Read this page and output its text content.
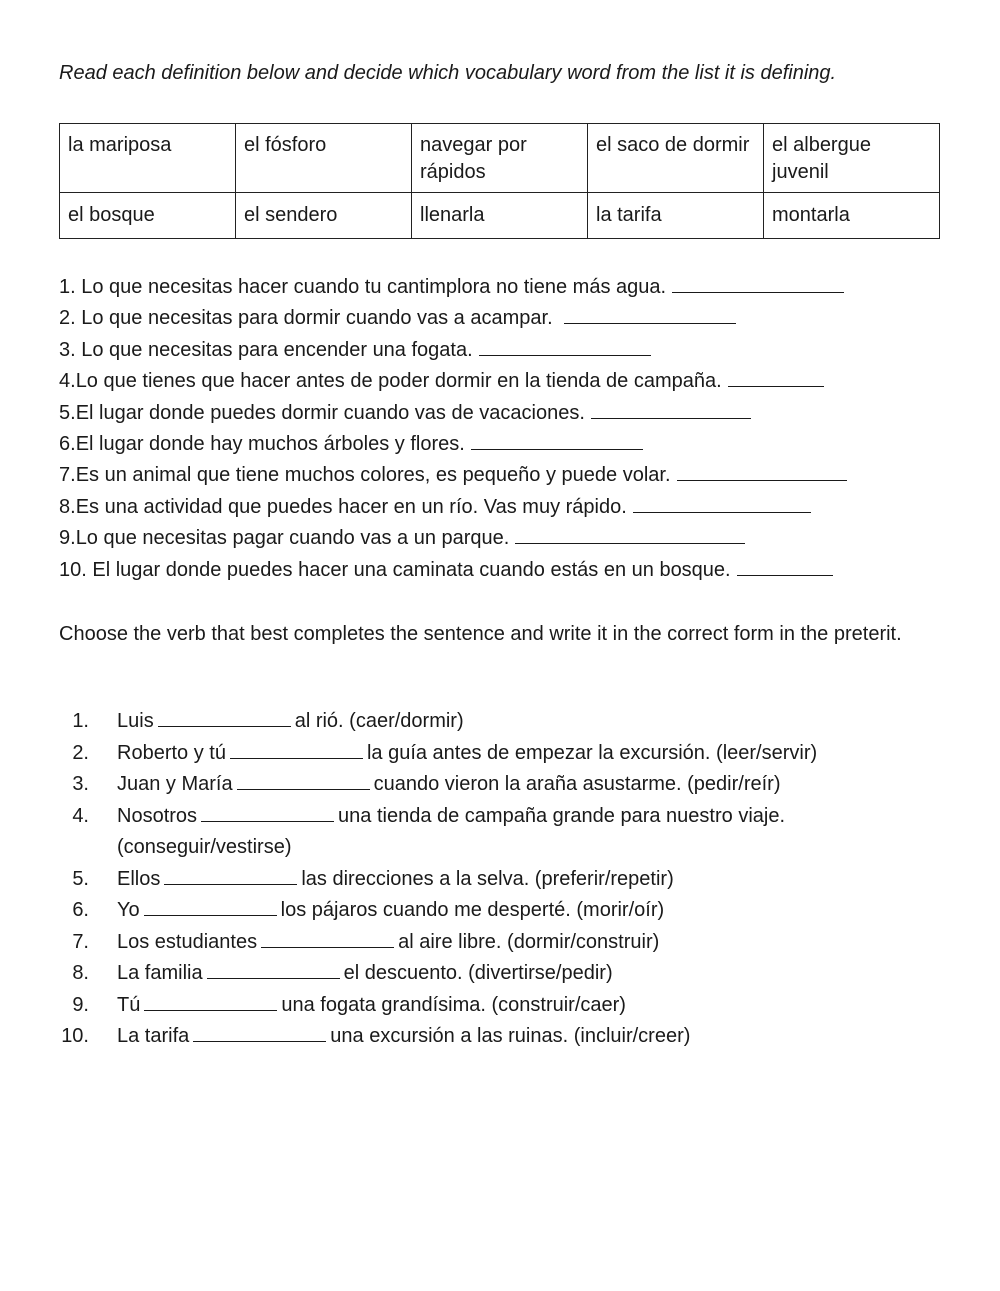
Read each definition below and decide which vocabulary word from the list it is defining.
la mariposa	el fósforo	navegar por rápidos	el saco de dormir	el albergue juvenil
el bosque	el sendero	llenarla	la tarifa	montarla
1. Lo que necesitas hacer cuando tu cantimplora no tiene más agua.
2. Lo que necesitas para dormir cuando vas a acampar.
3. Lo que necesitas para encender una fogata.
4.Lo que tienes que hacer antes de poder dormir en la tienda de campaña.
5.El lugar donde puedes dormir cuando vas de vacaciones.
6.El lugar donde hay muchos árboles y flores.
7.Es un animal que tiene muchos colores, es pequeño y puede volar.
8.Es una actividad que puedes hacer en un río. Vas muy rápido.
9.Lo que necesitas pagar cuando vas a un parque.
10. El lugar donde puedes hacer una caminata cuando estás en un bosque.
Choose the verb that best completes the sentence and write it in the correct form in the preterit.
1. Luis	al rió. (caer/dormir)
2. Roberto y tú	la guía antes de empezar la excursión. (leer/servir)
3. Juan y María	cuando vieron la araña asustarme. (pedir/reír)
4. Nosotros	una tienda de campaña grande para nuestro viaje. (conseguir/vestirse)
5. Ellos	las direcciones a la selva. (preferir/repetir)
6. Yo	los pájaros cuando me desperté. (morir/oír)
7. Los estudiantes	al aire libre. (dormir/construir)
8. La familia	el descuento. (divertirse/pedir)
9. Tú	una fogata grandísima. (construir/caer)
10. La tarifa	una excursión a las ruinas. (incluir/creer)
